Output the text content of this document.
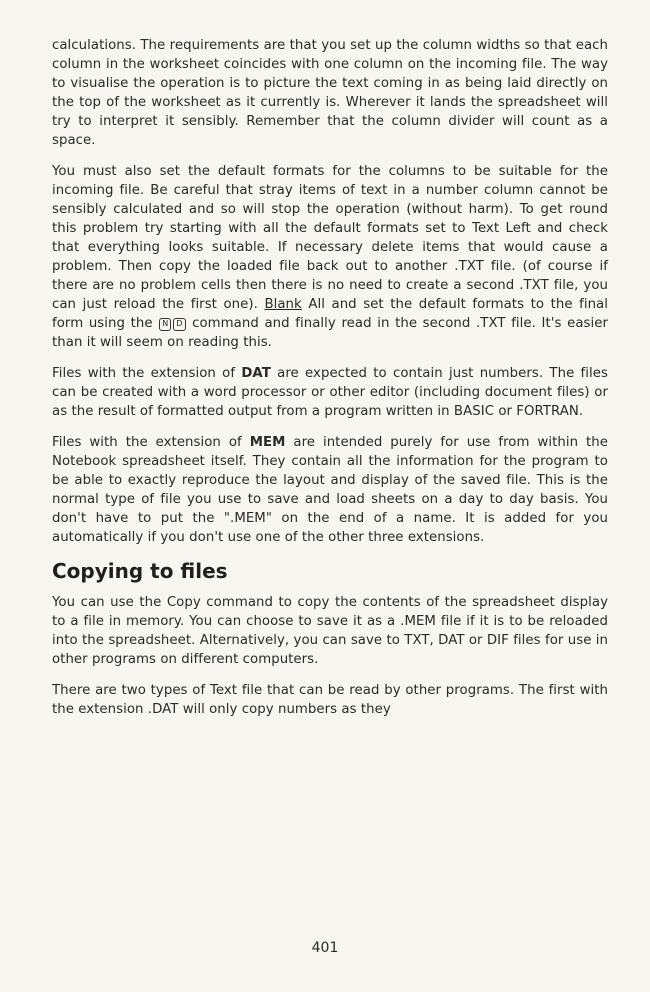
calculations. The requirements are that you set up the column widths so that each column in the worksheet coincides with one column on the incoming file. The way to visualise the operation is to picture the text coming in as being laid directly on the top of the worksheet as it currently is. Wherever it lands the spreadsheet will try to interpret it sensibly. Remember that the column divider will count as a space.

You must also set the default formats for the columns to be suitable for the incoming file. Be careful that stray items of text in a number column cannot be sensibly calculated and so will stop the operation (without harm). To get round this problem try starting with all the default formats set to Text Left and check that everything looks suitable. If necessary delete items that would cause a problem. Then copy the loaded file back out to another .TXT file. (of course if there are no problem cells then there is no need to create a second .TXT file, you can just reload the first one). Blank All and set the default formats to the final form using the N D command and finally read in the second .TXT file. It's easier than it will seem on reading this.

Files with the extension of DAT are expected to contain just numbers. The files can be created with a word processor or other editor (including document files) or as the result of formatted output from a program written in BASIC or FORTRAN.

Files with the extension of MEM are intended purely for use from within the Notebook spreadsheet itself. They contain all the information for the program to be able to exactly reproduce the layout and display of the saved file. This is the normal type of file you use to save and load sheets on a day to day basis. You don't have to put the ".MEM" on the end of a name. It is added for you automatically if you don't use one of the other three extensions.

Copying to files

You can use the Copy command to copy the contents of the spreadsheet display to a file in memory. You can choose to save it as a .MEM file if it is to be reloaded into the spreadsheet. Alternatively, you can save to TXT, DAT or DIF files for use in other programs on different computers.

There are two types of Text file that can be read by other programs. The first with the extension .DAT will only copy numbers as they

401
